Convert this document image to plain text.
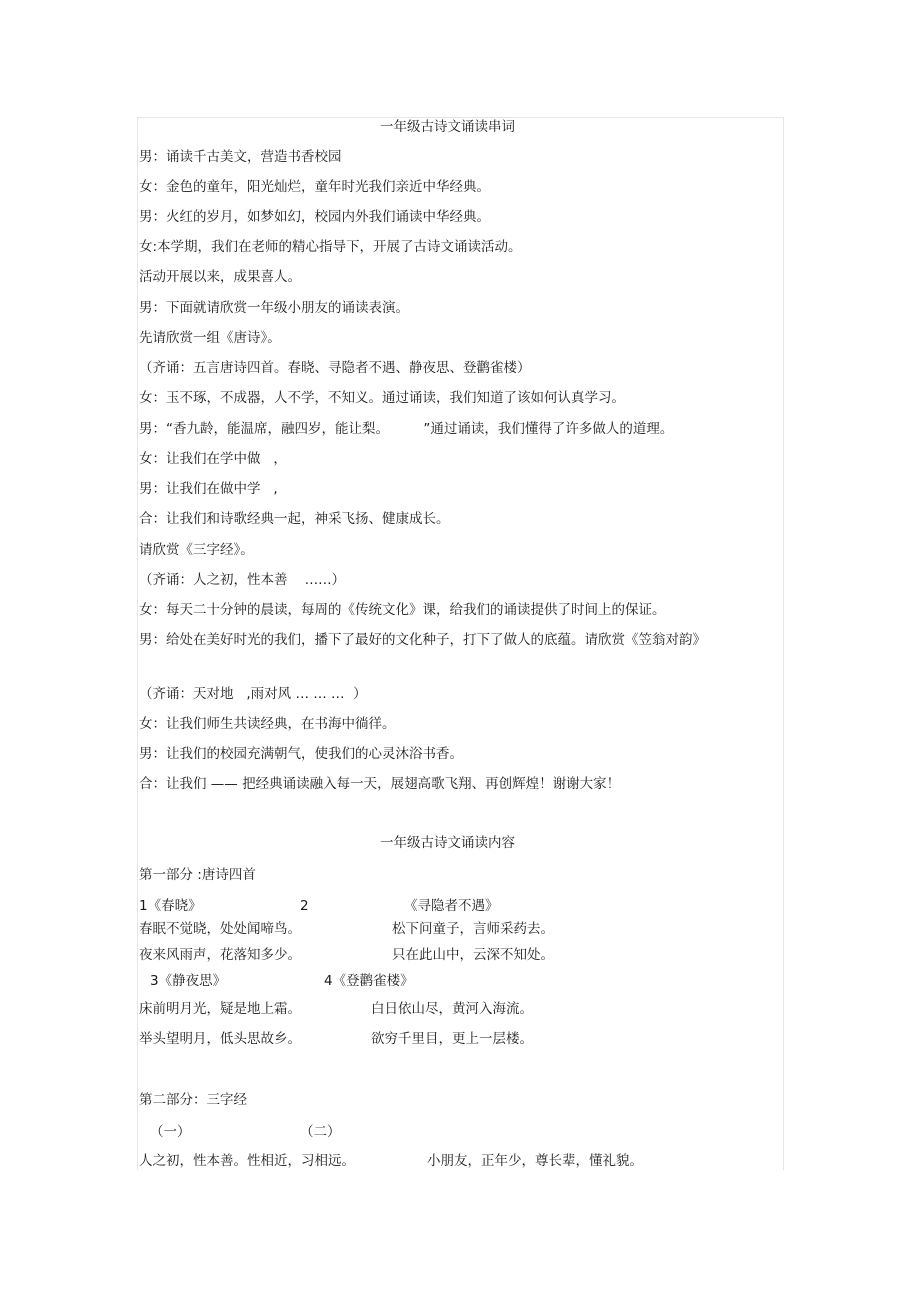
一年级古诗文诵读串词
男：诵读千古美文，营造书香校园
女：金色的童年，阳光灿烂，童年时光我们亲近中华经典。
男：火红的岁月，如梦如幻，校园内外我们诵读中华经典。
女:本学期，我们在老师的精心指导下，开展了古诗文诵读活动。
活动开展以来，成果喜人。
男：下面就请欣赏一年级小朋友的诵读表演。
先请欣赏一组《唐诗》。
（齐诵：五言唐诗四首。春晓、寻隐者不遇、静夜思、登鹳雀楼）
女：玉不琢，不成器，人不学，不知义。通过诵读，我们知道了该如何认真学习。
男：“香九龄，能温席，融四岁，能让梨。        ”通过诵读，我们懂得了许多做人的道理。
女：让我们在学中做   ，
男：让我们在做中学   ,
合：让我们和诗歌经典一起，神采飞扬、健康成长。
请欣赏《三字经》。
（齐诵：人之初，性本善    ……）
女：每天二十分钟的晨读，每周的《传统文化》课，给我们的诵读提供了时间上的保证。
男：给处在美好时光的我们，播下了最好的文化种子，打下了做人的底蕴。请欣赏《笠翁对韵》
（齐诵：天对地   ,雨对风 … … …  ）
女：让我们师生共读经典，在书海中徜徉。
男：让我们的校园充满朝气，使我们的心灵沐浴书香。
合：让我们 —— 把经典诵读融入每一天，展翅高歌飞翔、再创辉煌！谢谢大家！
一年级古诗文诵读内容
第一部分 :唐诗四首
1《春晓》	2	《寻隐者不遇》
春眠不觉晓，处处闻啼鸟。	松下问童子，言师采药去。
夜来风雨声，花落知多少。	只在此山中，云深不知处。
3《静夜思》	4《登鹳雀楼》
床前明月光，疑是地上霜。	白日依山尽，黄河入海流。
举头望明月，低头思故乡。	欲穷千里目，更上一层楼。
第二部分：三字经
（一）	（二）
人之初，性本善。性相近，习相远。	小朋友，正年少，尊长辈，懂礼貌。
